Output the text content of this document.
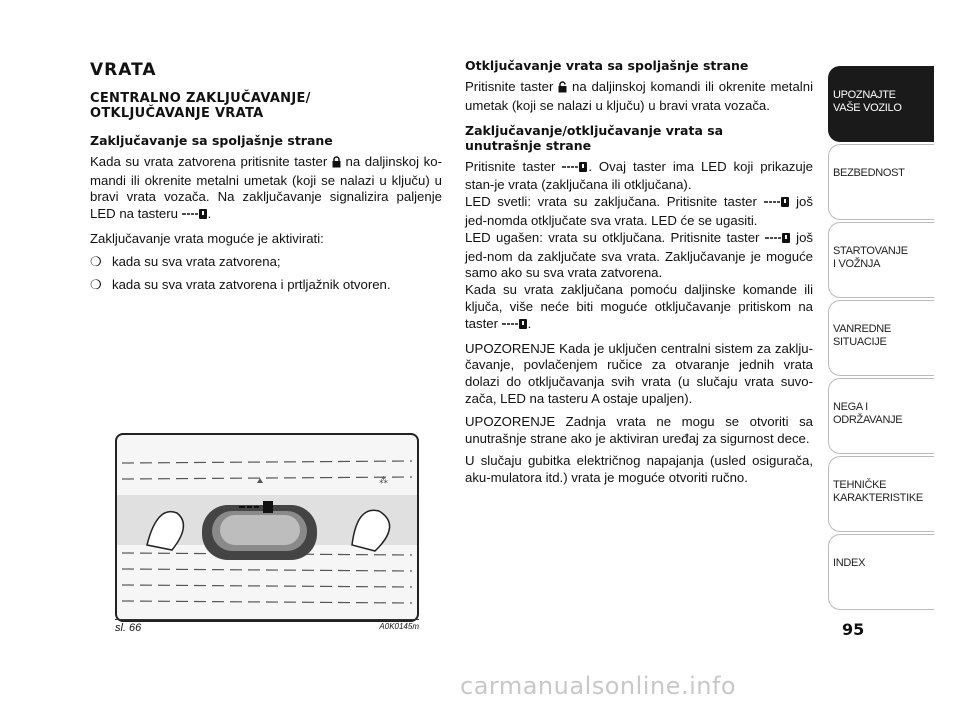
VRATA
CENTRALNO ZAKLJUČAVANJE/
OTKLJUČAVANJE VRATA
Zaključavanje sa spoljašnje strane

Kada su vrata zatvorena pritisnite taster na daljinskoj ko-mandi ili okrenite metalni umetak (koji se nalazi u ključu) u bravi vrata vozača. Na zaključavanje signalizira paljenje LED na tasteru .

Zaključavanje vrata moguće je aktivirati:

❍ kada su sva vrata zatvorena;
❍ kada su sva vrata zatvorena i prtljažnik otvoren.
⁂
sl. 66	A0K0145m
Otključavanje vrata sa spoljašnje strane

Pritisnite taster na daljinskoj komandi ili okrenite metalni umetak (koji se nalazi u ključu) u bravi vrata vozača.

Zaključavanje/otključavanje vrata sa
unutrašnje strane

Pritisnite taster . Ovaj taster ima LED koji prikazuje stan-je vrata (zaključana ili otključana).

LED svetli: vrata su zaključana. Pritisnite taster	još jed-nomda otključate sva vrata. LED će se ugasiti.

LED ugašen: vrata su otključana. Pritisnite taster	još jed-nom da zaključate sva vrata. Zaključavanje je moguće samo ako su sva vrata zatvorena.

Kada su vrata zaključana pomoću daljinske komande ili ključa, više neće biti moguće otključavanje pritiskom na taster .

UPOZORENJE Kada je uključen centralni sistem za zaklju-čavanje, povlačenjem ručice za otvaranje jednih vrata dolazi do otključavanja svih vrata (u slučaju vrata suvo-zača, LED na tasteru A ostaje upaljen).

UPOZORENJE Zadnja vrata ne mogu se otvoriti sa unutrašnje strane ako je aktiviran uređaj za sigurnost dece.

U slučaju gubitka električnog napajanja (usled osigurača, aku-mulatora itd.) vrata je moguće otvoriti ručno.

UPOZNAJTE
VAŠE VOZILO
BEZBEDNOST
STARTOVANJE
I VOŽNJA
VANREDNE
SITUACIJE
NEGA I
ODRŽAVANJE
TEHNIČKE
KARAKTERISTIKE
INDEX
95
carmanualsonline.info
